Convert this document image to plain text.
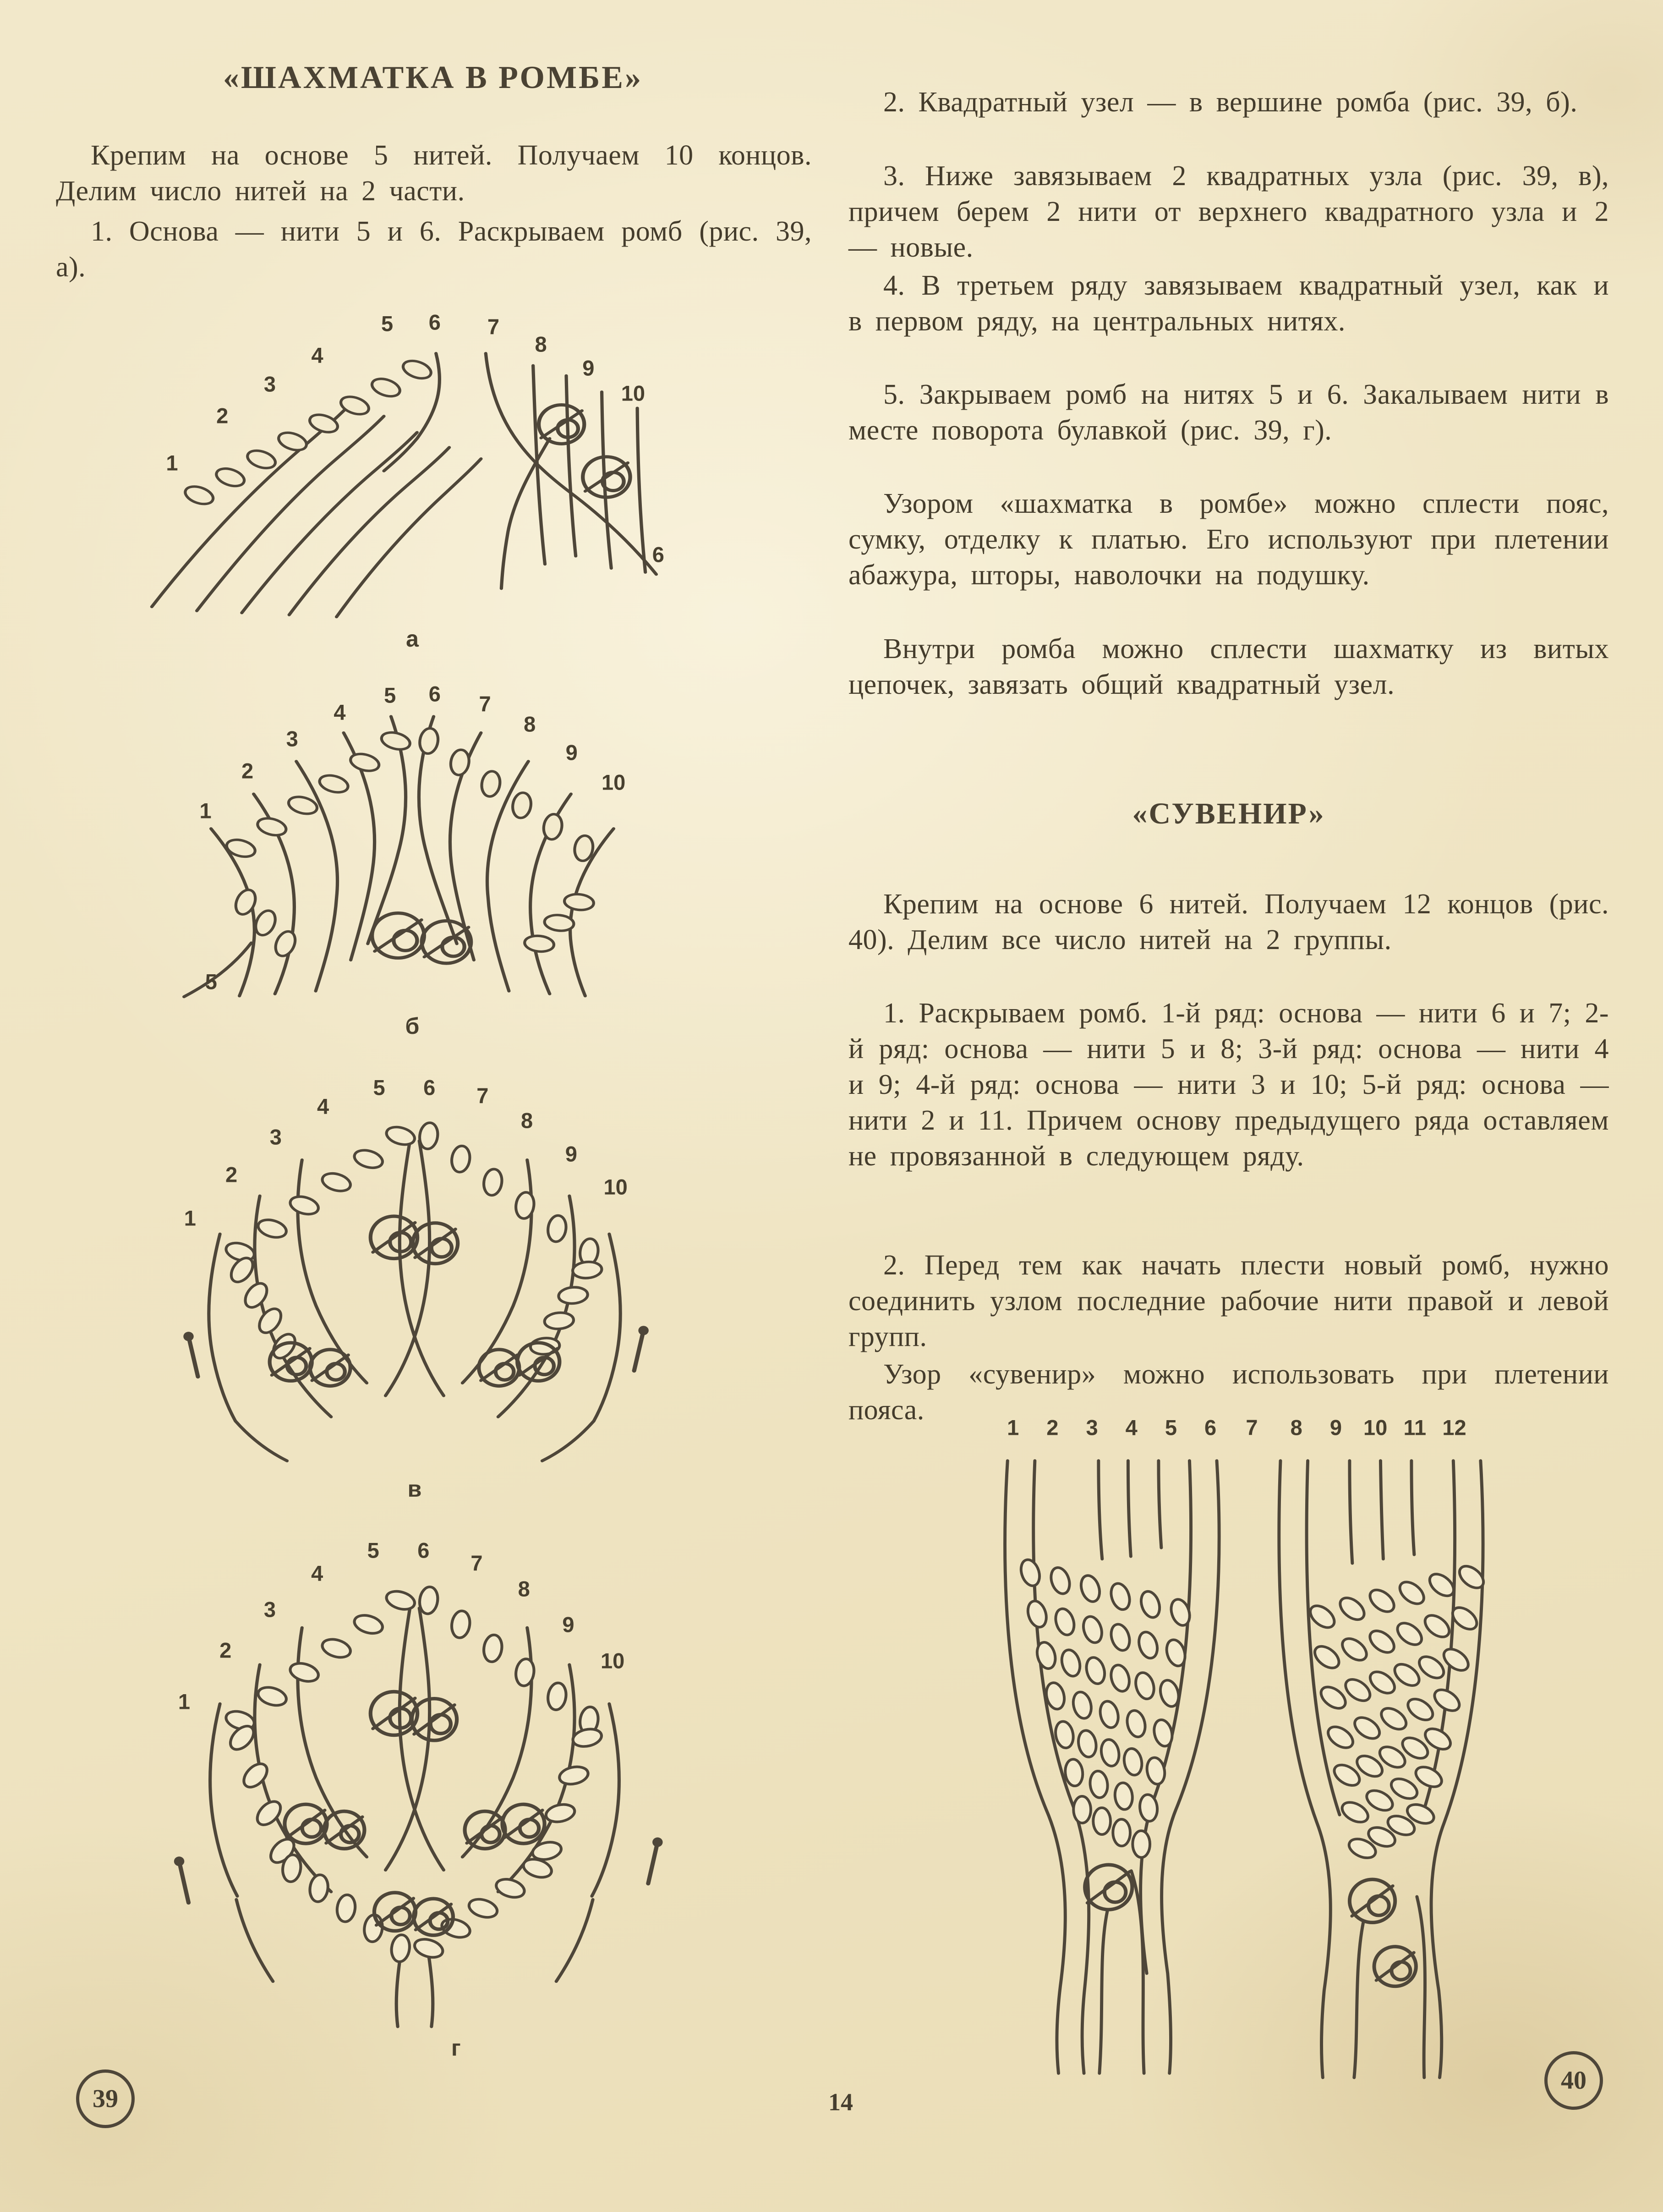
«ШАХМАТКА В РОМБЕ»

Крепим на основе 5 нитей. Получаем 10 концов. Делим число нитей на 2 части.

1. Основа — нити 5 и 6. Раскрываем ромб (рис. 39, а).

1
2
3
4
5 6 7
8
9
10
6
а
1
2
3
4
5 6 7
8
9
10
5
б
1
2
3
4
5 6 7
8
9
10
в
1
2
3
4
5 6
7
8
9
10
г
39

2. Квадратный узел — в вершине ромба (рис. 39, б).

3. Ниже завязываем 2 квадратных узла (рис. 39, в), причем берем 2 нити от верхнего квадратного узла и 2 — новые.

4. В третьем ряду завязываем квадратный узел, как и в первом ряду, на центральных нитях.

5. Закрываем ромб на нитях 5 и 6. Закалываем нити в месте поворота булавкой (рис. 39, г).

Узором «шахматка в ромбе» можно сплести пояс, сумку, отделку к платью. Его используют при плетении абажура, шторы, наволочки на подушку.

Внутри ромба можно сплести шахматку из витых цепочек, завязать общий квадратный узел.

«СУВЕНИР»

Крепим на основе 6 нитей. Получаем 12 концов (рис. 40). Делим все число нитей на 2 группы.

1. Раскрываем ромб. 1-й ряд: основа — нити 6 и 7; 2-й ряд: основа — нити 5 и 8; 3-й ряд: основа — нити 4 и 9; 4-й ряд: основа — нити 3 и 10; 5-й ряд: основа — нити 2 и 11. Причем основу предыдущего ряда оставляем не провязанной в следующем ряду.

2. Перед тем как начать плести новый ромб, нужно соединить узлом последние рабочие нити правой и левой групп.

Узор «сувенир» можно использовать при плетении пояса.

1 2 3 4 5 6 7 8 9 10 11 12
40
14
